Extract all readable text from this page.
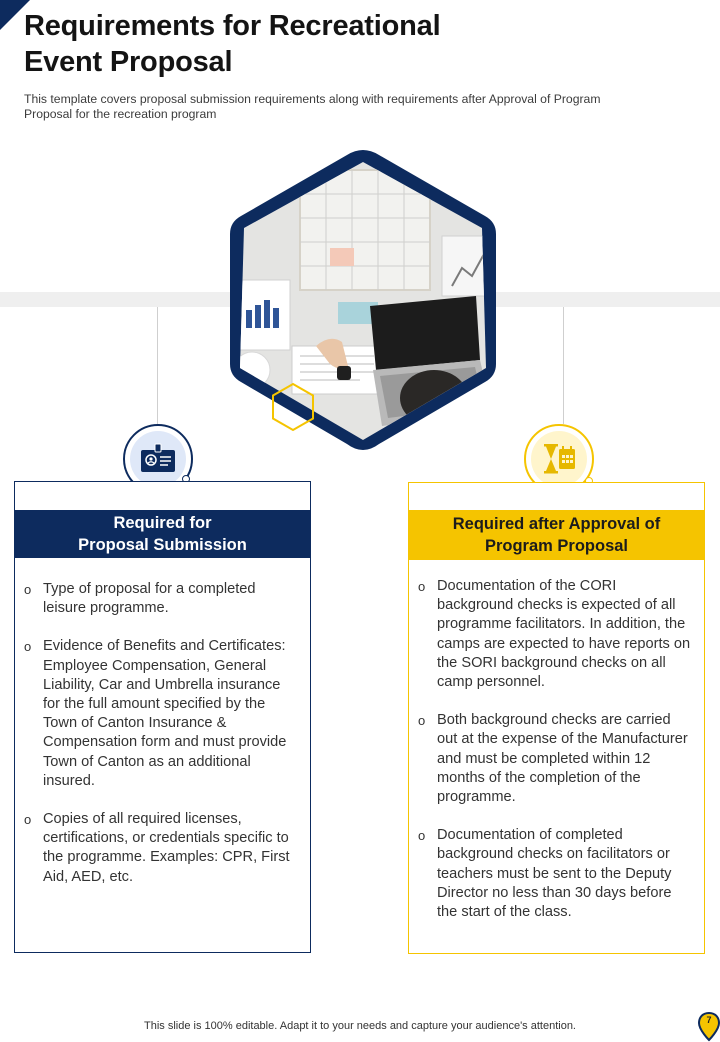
Requirements for Recreational
Event Proposal

This template covers proposal submission requirements along with requirements after Approval of Program
Proposal for the recreation program

Required for
Proposal Submission
o Type of proposal for a completed leisure programme.
o Evidence of Benefits and Certificates: Employee Compensation, General Liability, Car and Umbrella insurance for the full amount specified by the Town of Canton Insurance & Compensation form and must provide Town of Canton as an additional insured.
o Copies of all required licenses, certifications, or credentials specific to the programme. Examples: CPR, First Aid, AED, etc.
Required after Approval of
Program Proposal
o Documentation of the CORI background checks is expected of all programme facilitators. In addition, the camps are expected to have reports on the SORI background checks on all camp personnel.
o Both background checks are carried out at the expense of the Manufacturer and must be completed within 12 months of the completion of the programme.
o Documentation of completed background checks on facilitators or teachers must be sent to the Deputy Director no less than 30 days before the start of the class.

This slide is 100% editable. Adapt it to your needs and capture your audience's attention.	7
